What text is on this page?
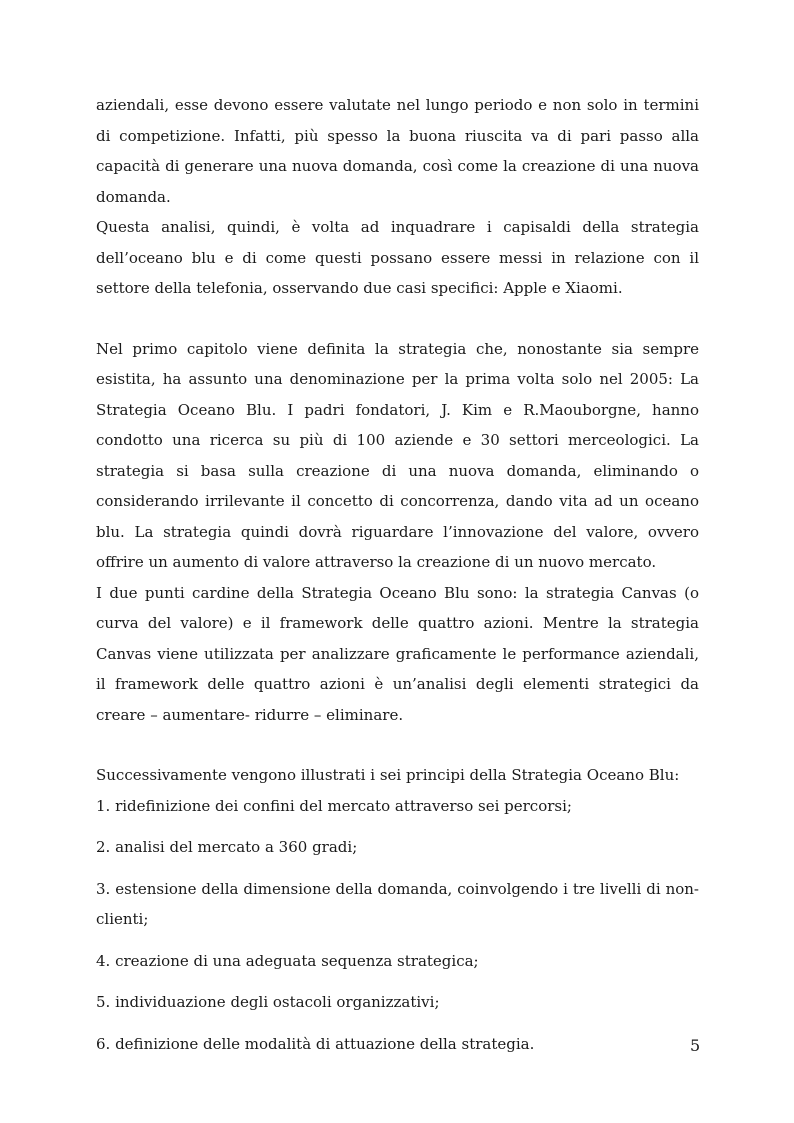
aziendali, esse devono essere valutate nel lungo periodo e non solo in termini di competizione. Infatti, più spesso la buona riuscita va di pari passo alla capacità di generare una nuova domanda, così come la creazione di una nuova domanda.

Questa analisi, quindi, è volta ad inquadrare i capisaldi della strategia dell’oceano blu e di come questi possano essere messi in relazione con il settore della telefonia, osservando due casi specifici: Apple e Xiaomi.

Nel primo capitolo viene definita la strategia che, nonostante sia sempre esistita, ha assunto una denominazione per la prima volta solo nel 2005: La Strategia Oceano Blu. I padri fondatori, J. Kim e R.Maouborgne, hanno condotto una ricerca su più di 100 aziende e 30 settori merceologici. La strategia si basa sulla creazione di una nuova domanda, eliminando o considerando irrilevante il concetto di concorrenza, dando vita ad un oceano blu. La strategia quindi dovrà riguardare l’innovazione del valore, ovvero offrire un aumento di valore attraverso la creazione di un nuovo mercato.

I due punti cardine della Strategia Oceano Blu sono: la strategia Canvas (o curva del valore) e il framework delle quattro azioni. Mentre la strategia Canvas viene utilizzata per analizzare graficamente le performance aziendali, il framework delle quattro azioni è un’analisi degli elementi strategici da creare – aumentare- ridurre – eliminare.

Successivamente vengono illustrati i sei principi della Strategia Oceano Blu:

1. ridefinizione dei confini del mercato attraverso sei percorsi;
2. analisi del mercato a 360 gradi;
3. estensione della dimensione della domanda, coinvolgendo i tre livelli di non-clienti;
4. creazione di una adeguata sequenza strategica;
5. individuazione degli ostacoli organizzativi;
6. definizione delle modalità di attuazione della strategia.	5
